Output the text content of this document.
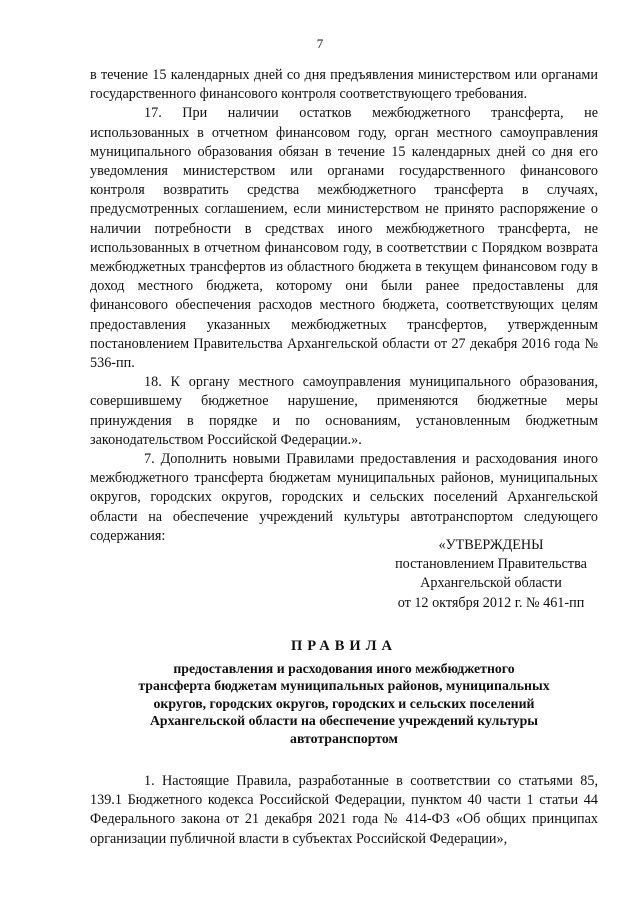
7

в течение 15 календарных дней со дня предъявления министерством или органами государственного финансового контроля соответствующего требования.

17. При наличии остатков межбюджетного трансферта, не использованных в отчетном финансовом году, орган местного самоуправления муниципального образования обязан в течение 15 календарных дней со дня его уведомления министерством или органами государственного финансового контроля возвратить средства межбюджетного трансферта в случаях, предусмотренных соглашением, если министерством не принято распоряжение о наличии потребности в средствах иного межбюджетного трансферта, не использованных в отчетном финансовом году, в соответствии с Порядком возврата межбюджетных трансфертов из областного бюджета в текущем финансовом году в доход местного бюджета, которому они были ранее предоставлены для финансового обеспечения расходов местного бюджета, соответствующих целям предоставления указанных межбюджетных трансфертов, утвержденным постановлением Правительства Архангельской области от 27 декабря 2016 года № 536-пп.

18. К органу местного самоуправления муниципального образования, совершившему бюджетное нарушение, применяются бюджетные меры принуждения в порядке и по основаниям, установленным бюджетным законодательством Российской Федерации.».

7. Дополнить новыми Правилами предоставления и расходования иного межбюджетного трансферта бюджетам муниципальных районов, муниципальных округов, городских округов, городских и сельских поселений Архангельской области на обеспечение учреждений культуры автотранспортом следующего содержания:

«УТВЕРЖДЕНЫ
постановлением Правительства
Архангельской области
от 12 октября 2012 г. № 461-пп
ПРАВИЛА
предоставления и расходования иного межбюджетного
трансферта бюджетам муниципальных районов, муниципальных
округов, городских округов, городских и сельских поселений
Архангельской области на обеспечение учреждений культуры
автотранспортом

1. Настоящие Правила, разработанные в соответствии со статьями 85, 139.1 Бюджетного кодекса Российской Федерации, пунктом 40 части 1 статьи 44 Федерального закона от 21 декабря 2021 года № 414-ФЗ «Об общих принципах организации публичной власти в субъектах Российской Федерации»,
